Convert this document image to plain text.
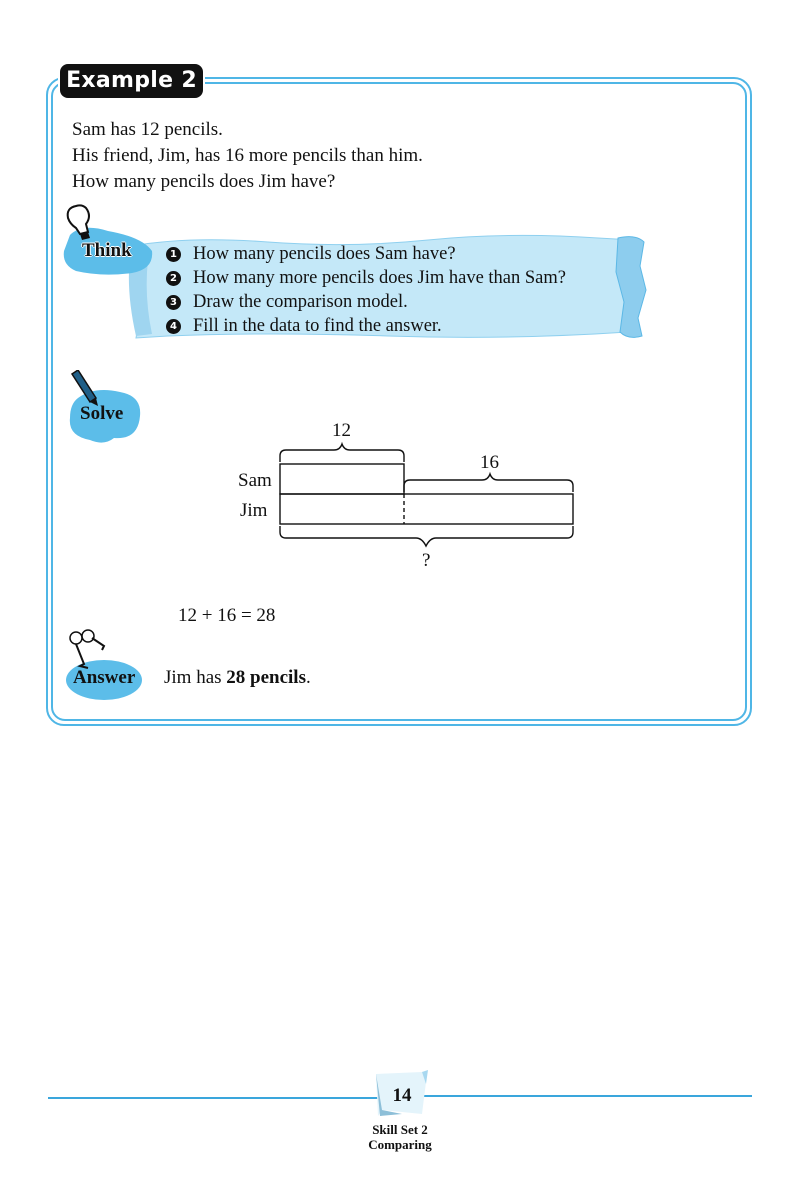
Example 2
Sam has 12 pencils.
His friend, Jim, has 16 more pencils than him.
How many pencils does Jim have?
Think	1 How many pencils does Sam have?
2 How many more pencils does Jim have than Sam?
3 Draw the comparison model.
4 Fill in the data to find the answer.
Solve
12
16
Sam
Jim
?
12 + 16 = 28
Answer Jim has 28 pencils.
14
Skill Set 2
Comparing
